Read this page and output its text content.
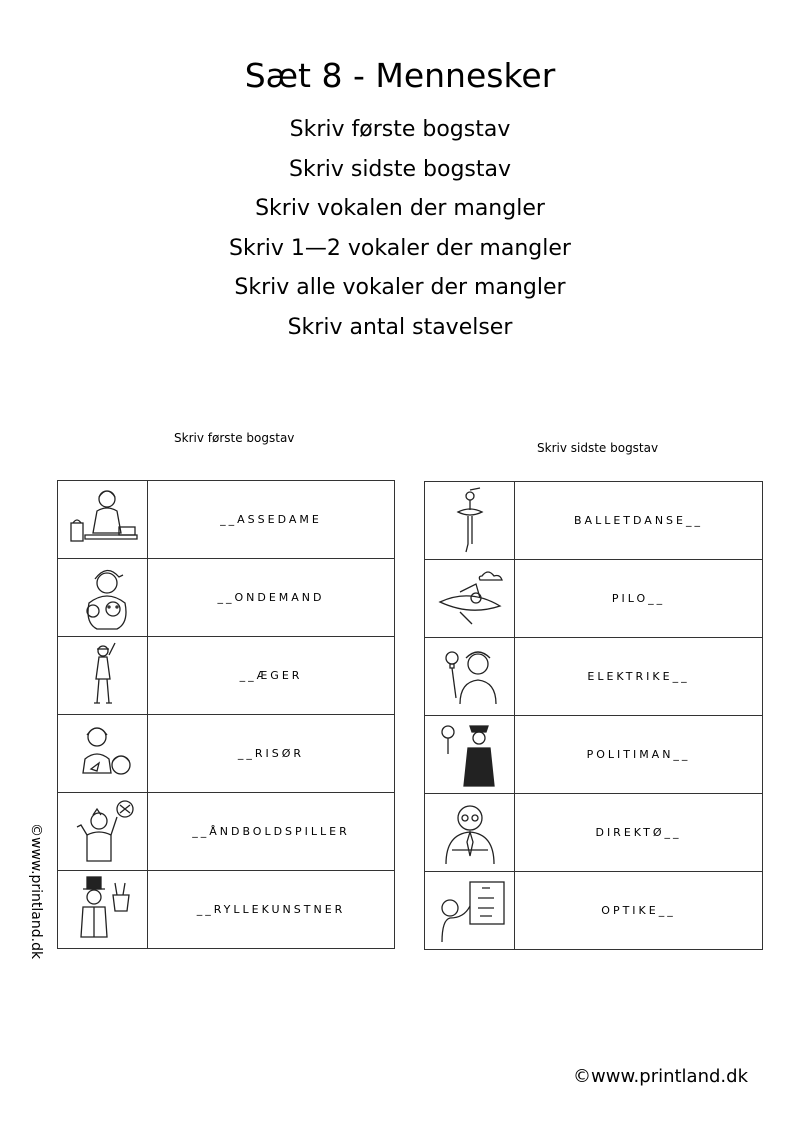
Sæt 8 - Mennesker
Skriv første bogstav
Skriv sidste bogstav
Skriv vokalen der mangler
Skriv 1—2 vokaler der mangler
Skriv alle vokaler der mangler
Skriv antal stavelser

Skriv første bogstav

Skriv sidste bogstav

	__ASSEDAME

	__ONDEMAND

	__ÆGER

	__RISØR

	__ÅNDBOLDSPILLER

	__RYLLEKUNSTNER
	BALLETDANSE__

	PILO__

	ELEKTRIKE__

	POLITIMAN__

	DIREKTØ__

	OPTIKE__
©www.printland.dk

©www.printland.dk
